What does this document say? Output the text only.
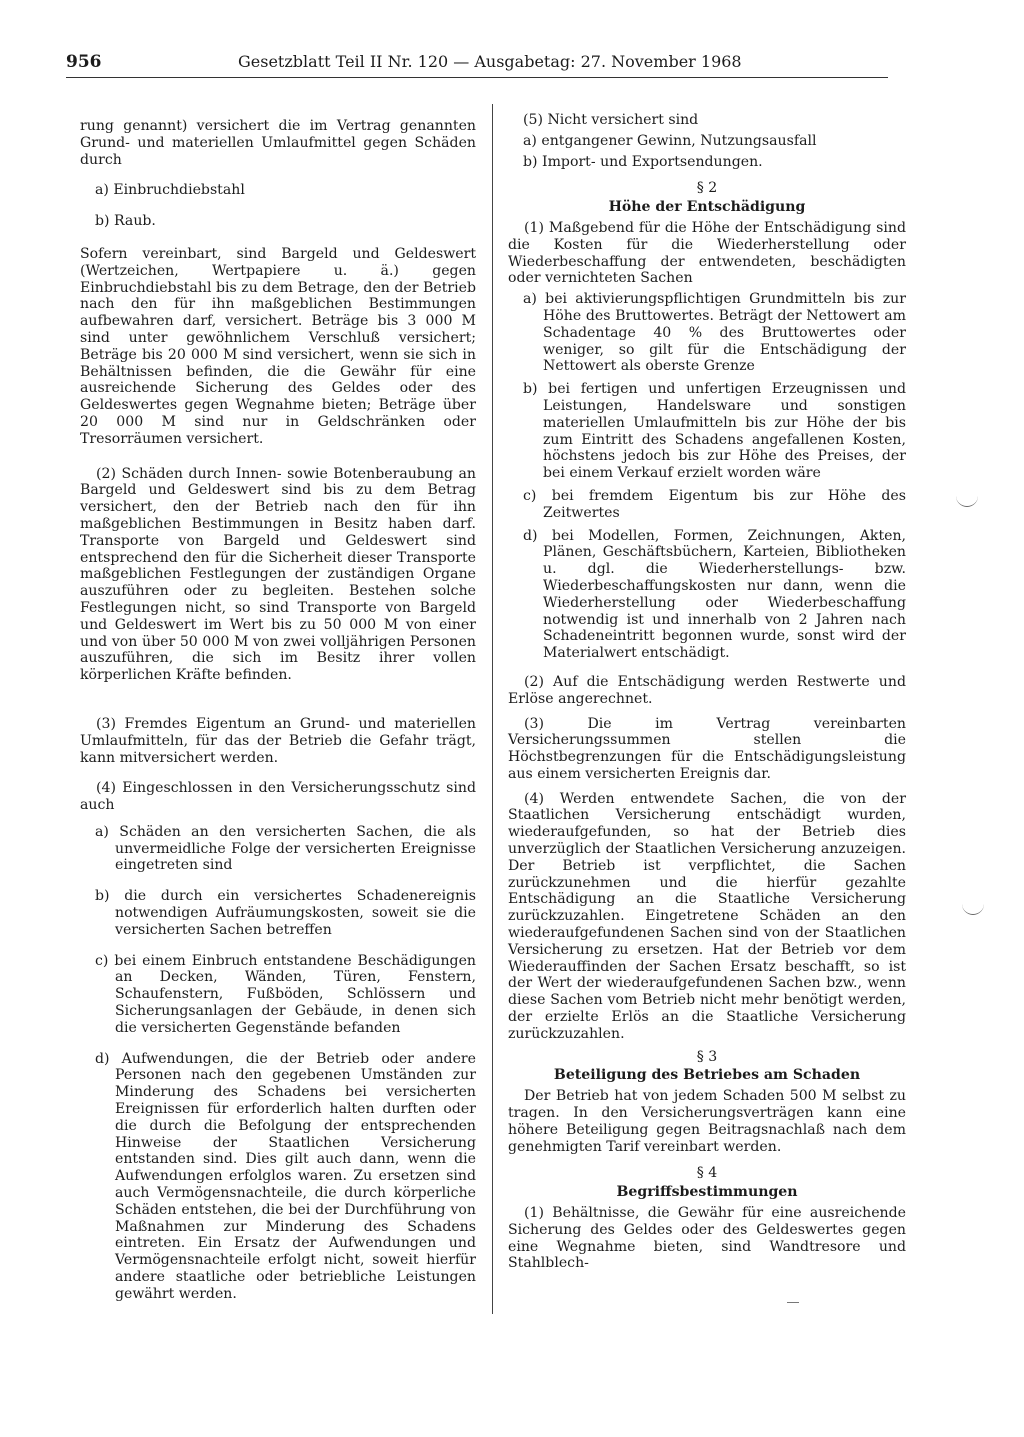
956	Gesetzblatt Teil II Nr. 120 — Ausgabetag: 27. November 1968

rung genannt) versichert die im Vertrag genannten Grund- und materiellen Umlaufmittel gegen Schäden durch

a) Einbruchdiebstahl

b) Raub.

Sofern vereinbart, sind Bargeld und Geldeswert (Wertzeichen, Wertpapiere u. ä.) gegen Einbruchdiebstahl bis zu dem Betrage, den der Betrieb nach den für ihn maßgeblichen Bestimmungen aufbewahren darf, versichert. Beträge bis 3 000 M sind unter gewöhnlichem Verschluß versichert; Beträge bis 20 000 M sind versichert, wenn sie sich in Behältnissen befinden, die die Gewähr für eine ausreichende Sicherung des Geldes oder des Geldeswertes gegen Wegnahme bieten; Beträge über 20 000 M sind nur in Geldschränken oder Tresorräumen versichert.

(2) Schäden durch Innen- sowie Botenberaubung an Bargeld und Geldeswert sind bis zu dem Betrag versichert, den der Betrieb nach den für ihn maßgeblichen Bestimmungen in Besitz haben darf. Transporte von Bargeld und Geldeswert sind entsprechend den für die Sicherheit dieser Transporte maßgeblichen Festlegungen der zuständigen Organe auszuführen oder zu begleiten. Bestehen solche Festlegungen nicht, so sind Transporte von Bargeld und Geldeswert im Wert bis zu 50 000 M von einer und von über 50 000 M von zwei volljährigen Personen auszuführen, die sich im Besitz ihrer vollen körperlichen Kräfte befinden.

(3) Fremdes Eigentum an Grund- und materiellen Umlaufmitteln, für das der Betrieb die Gefahr trägt, kann mitversichert werden.

(4) Eingeschlossen in den Versicherungsschutz sind auch

a) Schäden an den versicherten Sachen, die als unvermeidliche Folge der versicherten Ereignisse eingetreten sind

b) die durch ein versichertes Schadenereignis notwendigen Aufräumungskosten, soweit sie die versicherten Sachen betreffen

c) bei einem Einbruch entstandene Beschädigungen an Decken, Wänden, Türen, Fenstern, Schaufenstern, Fußböden, Schlössern und Sicherungsanlagen der Gebäude, in denen sich die versicherten Gegenstände befanden

d) Aufwendungen, die der Betrieb oder andere Personen nach den gegebenen Umständen zur Minderung des Schadens bei versicherten Ereignissen für erforderlich halten durften oder die durch die Befolgung der entsprechenden Hinweise der Staatlichen Versicherung entstanden sind. Dies gilt auch dann, wenn die Aufwendungen erfolglos waren. Zu ersetzen sind auch Vermögensnachteile, die durch körperliche Schäden entstehen, die bei der Durchführung von Maßnahmen zur Minderung des Schadens eintreten. Ein Ersatz der Aufwendungen und Vermögensnachteile erfolgt nicht, soweit hierfür andere staatliche oder betriebliche Leistungen gewährt werden.

(5) Nicht versichert sind

a) entgangener Gewinn, Nutzungsausfall

b) Import- und Exportsendungen.

§ 2

Höhe der Entschädigung

(1) Maßgebend für die Höhe der Entschädigung sind die Kosten für die Wiederherstellung oder Wiederbeschaffung der entwendeten, beschädigten oder vernichteten Sachen

a) bei aktivierungspflichtigen Grundmitteln bis zur Höhe des Bruttowertes. Beträgt der Nettowert am Schadentage 40 % des Bruttowertes oder weniger, so gilt für die Entschädigung der Nettowert als oberste Grenze

b) bei fertigen und unfertigen Erzeugnissen und Leistungen, Handelsware und sonstigen materiellen Umlaufmitteln bis zur Höhe der bis zum Eintritt des Schadens angefallenen Kosten, höchstens jedoch bis zur Höhe des Preises, der bei einem Verkauf erzielt worden wäre

c) bei fremdem Eigentum bis zur Höhe des Zeitwertes

d) bei Modellen, Formen, Zeichnungen, Akten, Plänen, Geschäftsbüchern, Karteien, Bibliotheken u. dgl. die Wiederherstellungs- bzw. Wiederbeschaffungskosten nur dann, wenn die Wiederherstellung oder Wiederbeschaffung notwendig ist und innerhalb von 2 Jahren nach Schadeneintritt begonnen wurde, sonst wird der Materialwert entschädigt.

(2) Auf die Entschädigung werden Restwerte und Erlöse angerechnet.

(3) Die im Vertrag vereinbarten Versicherungssummen stellen die Höchstbegrenzungen für die Entschädigungsleistung aus einem versicherten Ereignis dar.

(4) Werden entwendete Sachen, die von der Staatlichen Versicherung entschädigt wurden, wiederaufgefunden, so hat der Betrieb dies unverzüglich der Staatlichen Versicherung anzuzeigen. Der Betrieb ist verpflichtet, die Sachen zurückzunehmen und die hierfür gezahlte Entschädigung an die Staatliche Versicherung zurückzuzahlen. Eingetretene Schäden an den wiederaufgefundenen Sachen sind von der Staatlichen Versicherung zu ersetzen. Hat der Betrieb vor dem Wiederauffinden der Sachen Ersatz beschafft, so ist der Wert der wiederaufgefundenen Sachen bzw., wenn diese Sachen vom Betrieb nicht mehr benötigt werden, der erzielte Erlös an die Staatliche Versicherung zurückzuzahlen.

§ 3

Beteiligung des Betriebes am Schaden

Der Betrieb hat von jedem Schaden 500 M selbst zu tragen. In den Versicherungsverträgen kann eine höhere Beteiligung gegen Beitragsnachlaß nach dem genehmigten Tarif vereinbart werden.

§ 4

Begriffsbestimmungen

(1) Behältnisse, die Gewähr für eine ausreichende Sicherung des Geldes oder des Geldeswertes gegen eine Wegnahme bieten, sind Wandtresore und Stahlblech-
